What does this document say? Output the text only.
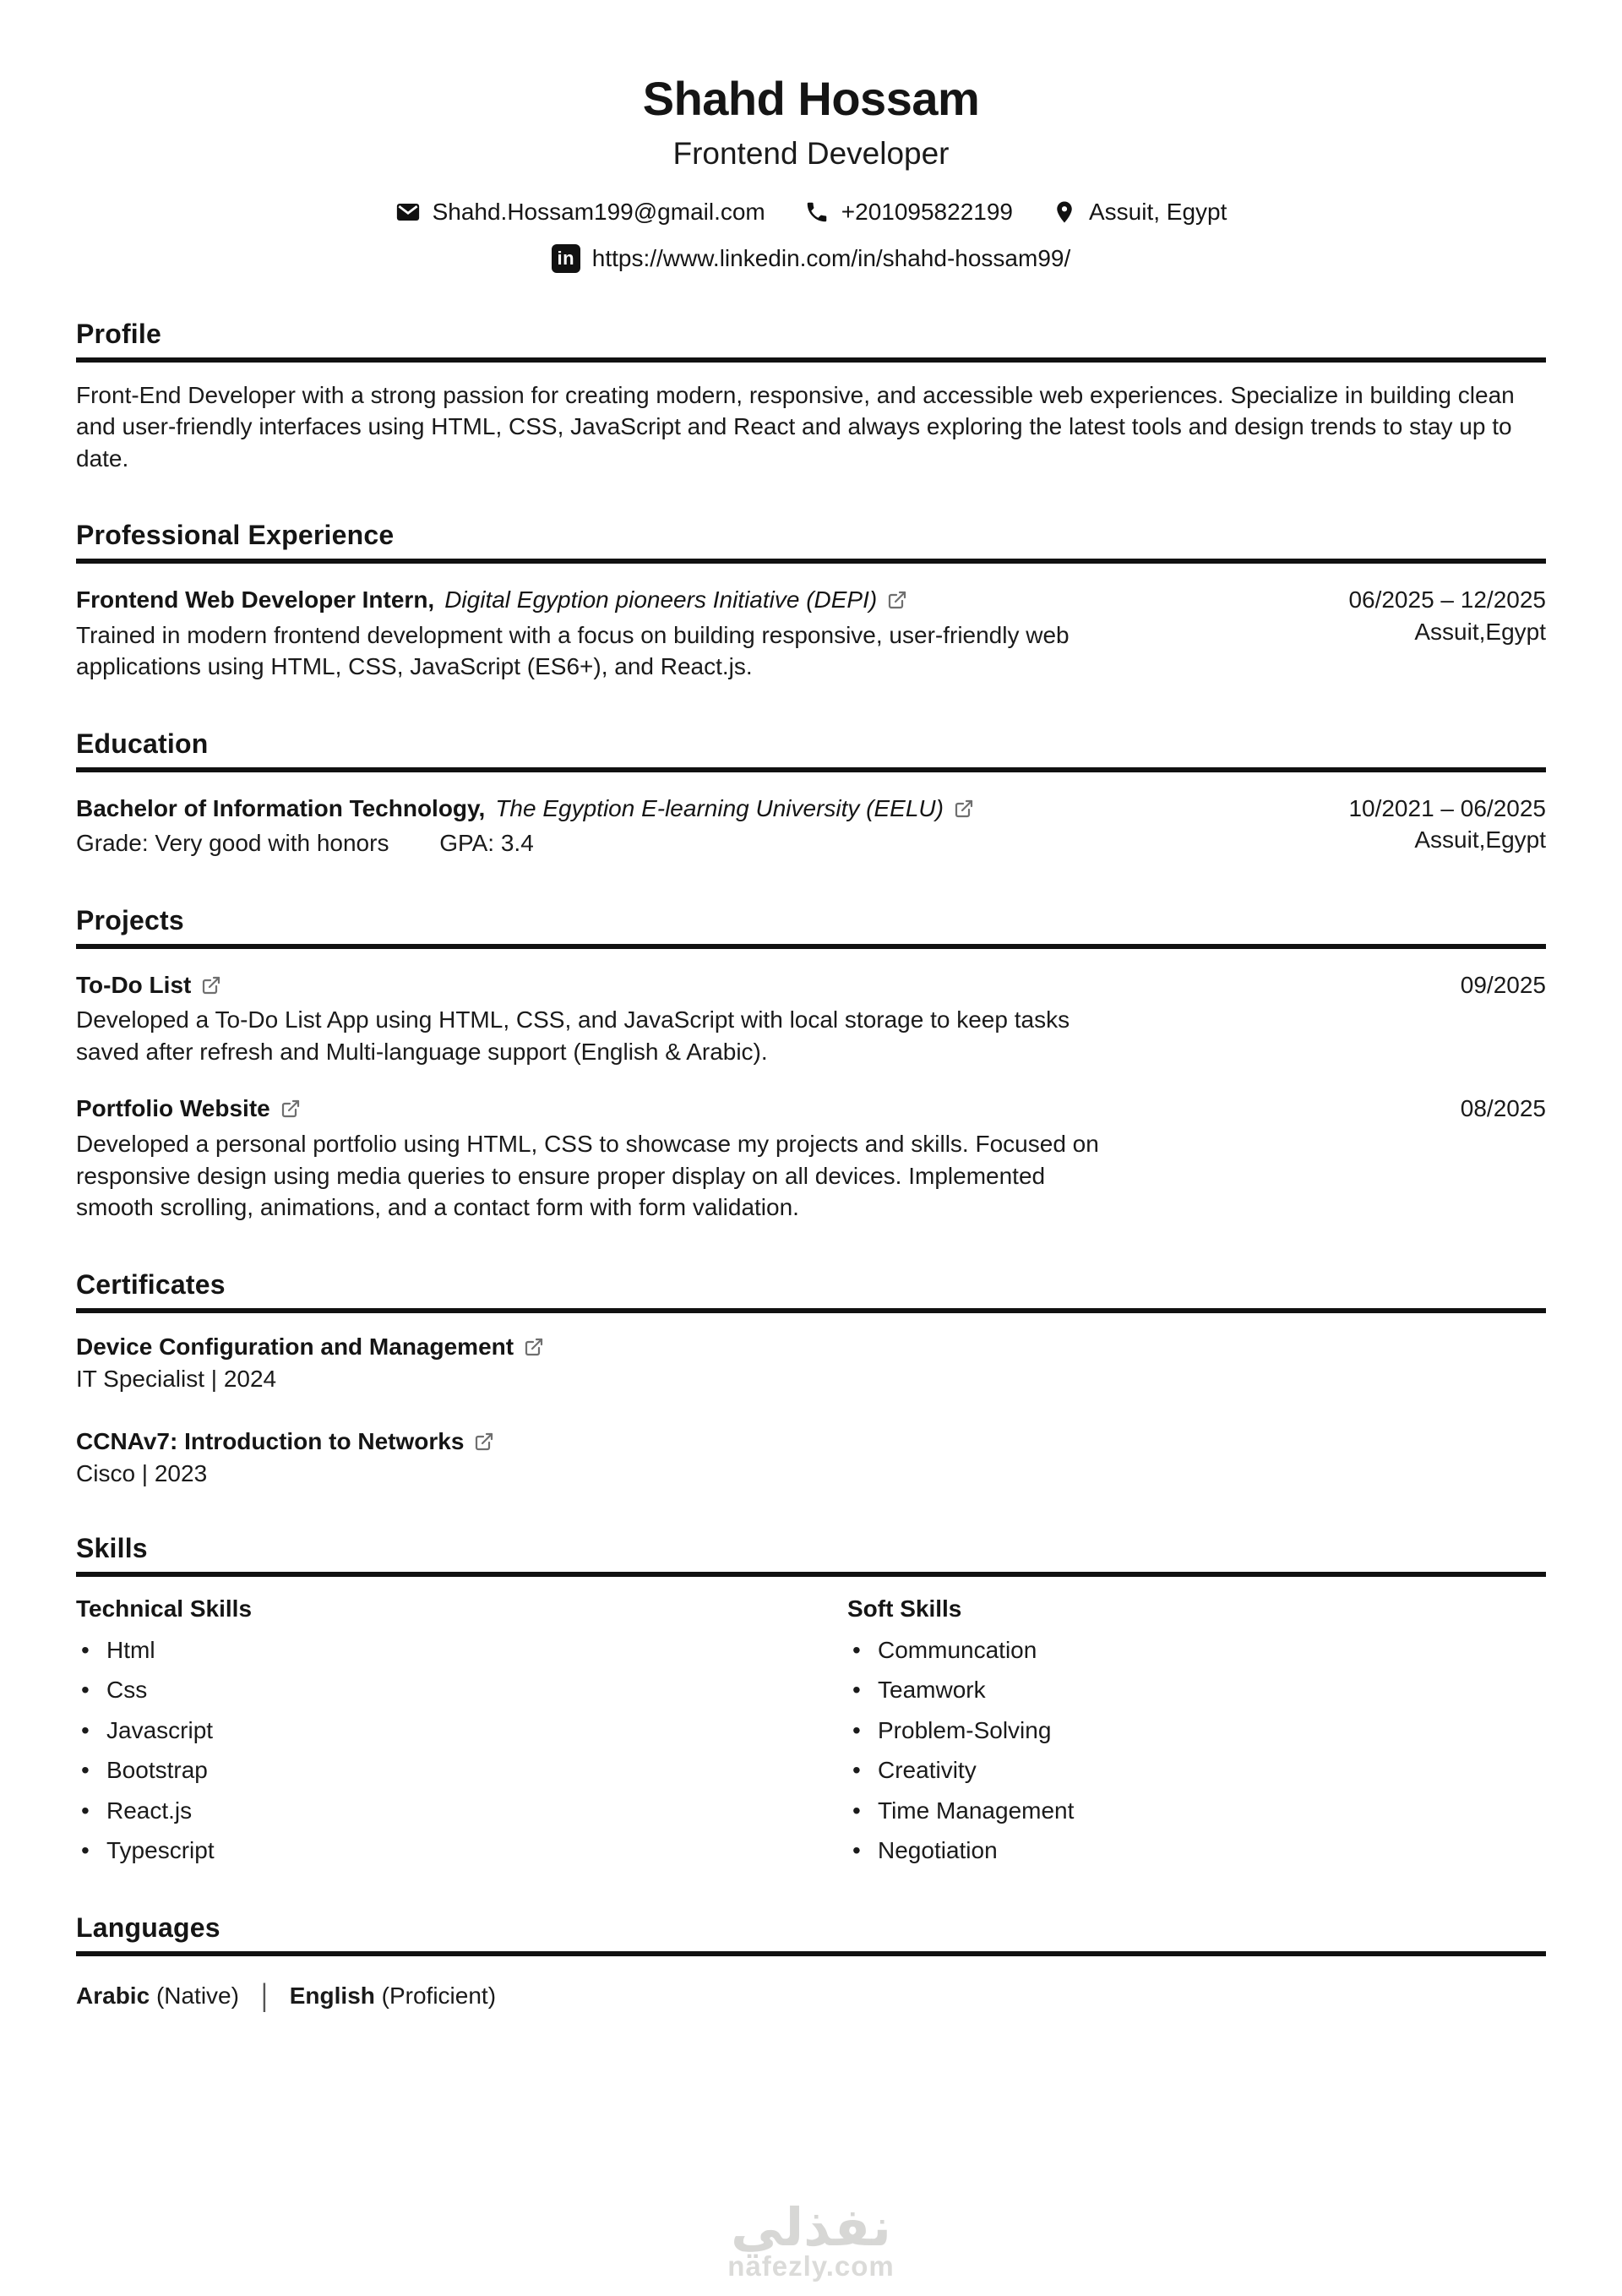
Shahd Hossam
Frontend Developer
Shahd.Hossam199@gmail.com	+201095822199	Assuit, Egypt
in https://www.linkedin.com/in/shahd-hossam99/
Profile

Front-End Developer with a strong passion for creating modern, responsive, and accessible web experiences. Specialize in building clean and user-friendly interfaces using HTML, CSS, JavaScript and React and always exploring the latest tools and design trends to stay up to date.

Professional Experience
Frontend Web Developer Intern, Digital Egyption pioneers Initiative (DEPI)
Trained in modern frontend development with a focus on building responsive, user-friendly web applications using HTML, CSS, JavaScript (ES6+), and React.js.
06/2025 – 12/2025
Assuit,Egypt
Education
Bachelor of Information Technology, The Egyption E-learning University (EELU)
Grade: Very good with honors GPA: 3.4
10/2021 – 06/2025
Assuit,Egypt
Projects
To-Do List
Developed a To-Do List App using HTML, CSS, and JavaScript with local storage to keep tasks saved after refresh and Multi-language support (English & Arabic).
09/2025
Portfolio Website
Developed a personal portfolio using HTML, CSS to showcase my projects and skills. Focused on responsive design using media queries to ensure proper display on all devices. Implemented smooth scrolling, animations, and a contact form with form validation.
08/2025
Certificates
Device Configuration and Management
IT Specialist | 2024
CCNAv7: Introduction to Networks
Cisco | 2023
Skills
Technical Skills
• Html
• Css
• Javascript
• Bootstrap
• React.js
• Typescript
Soft Skills
• Communcation
• Teamwork
• Problem-Solving
• Creativity
• Time Management
• Negotiation
Languages
Arabic (Native) | English (Proficient)
نفذلي
nafezly.com
